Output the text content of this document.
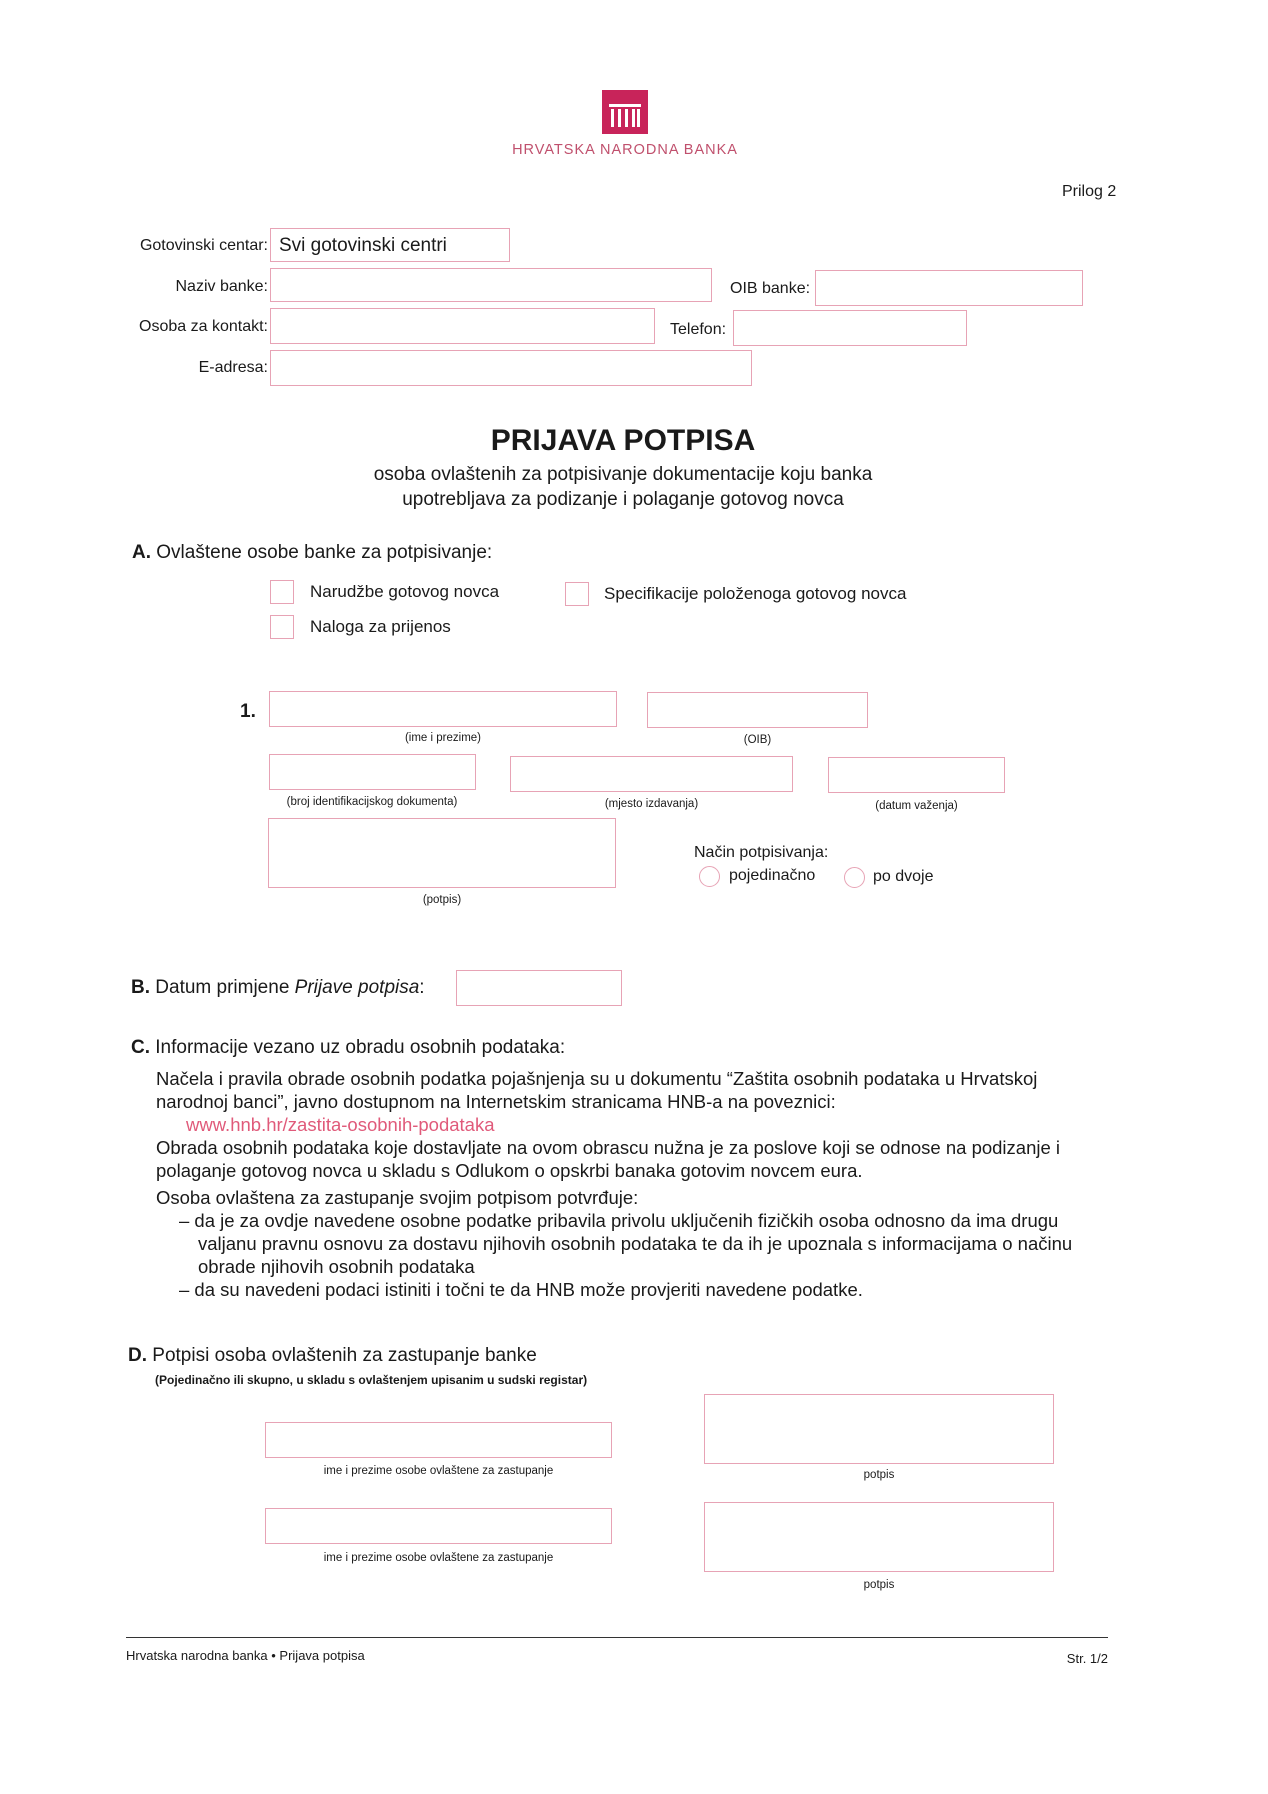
HRVATSKA NARODNA BANKA
Prilog 2
Gotovinski centar: Svi gotovinski centri
Naziv banke:	OIB banke:
Osoba za kontakt:	Telefon:
E-adresa:
PRIJAVA POTPISA
osoba ovlaštenih za potpisivanje dokumentacije koju banka
upotrebljava za podizanje i polaganje gotovog novca
A. Ovlaštene osobe banke za potpisivanje:
Narudžbe gotovog novca
Naloga za prijenos
Specifikacije položenoga gotovog novca
1.
(ime i prezime)	(OIB)
(broj identifikacijskog dokumenta)	(mjesto izdavanja)	(datum važenja)
(potpis)
Način potpisivanja:
pojedinačno	po dvoje
B. Datum primjene Prijave potpisa:
C. Informacije vezano uz obradu osobnih podataka:

Načela i pravila obrade osobnih podatka pojašnjenja su u dokumentu “Zaštita osobnih podataka u Hrvatskoj narodnoj banci”, javno dostupnom na Internetskim stranicama HNB-a na poveznici:

www.hnb.hr/zastita-osobnih-podataka

Obrada osobnih podataka koje dostavljate na ovom obrascu nužna je za poslove koji se odnose na podizanje i polaganje gotovog novca u skladu s Odlukom o opskrbi banaka gotovim novcem eura.

Osoba ovlaštena za zastupanje svojim potpisom potvrđuje:

– da je za ovdje navedene osobne podatke pribavila privolu uključenih fizičkih osoba odnosno da ima drugu valjanu pravnu osnovu za dostavu njihovih osobnih podataka te da ih je upoznala s informacijama o načinu obrade njihovih osobnih podataka

– da su navedeni podaci istiniti i točni te da HNB može provjeriti navedene podatke.

D. Potpisi osoba ovlaštenih za zastupanje banke
(Pojedinačno ili skupno, u skladu s ovlaštenjem upisanim u sudski registar)
ime i prezime osobe ovlaštene za zastupanje	potpis
ime i prezime osobe ovlaštene za zastupanje
potpis
Hrvatska narodna banka • Prijava potpisa	Str. 1/2
